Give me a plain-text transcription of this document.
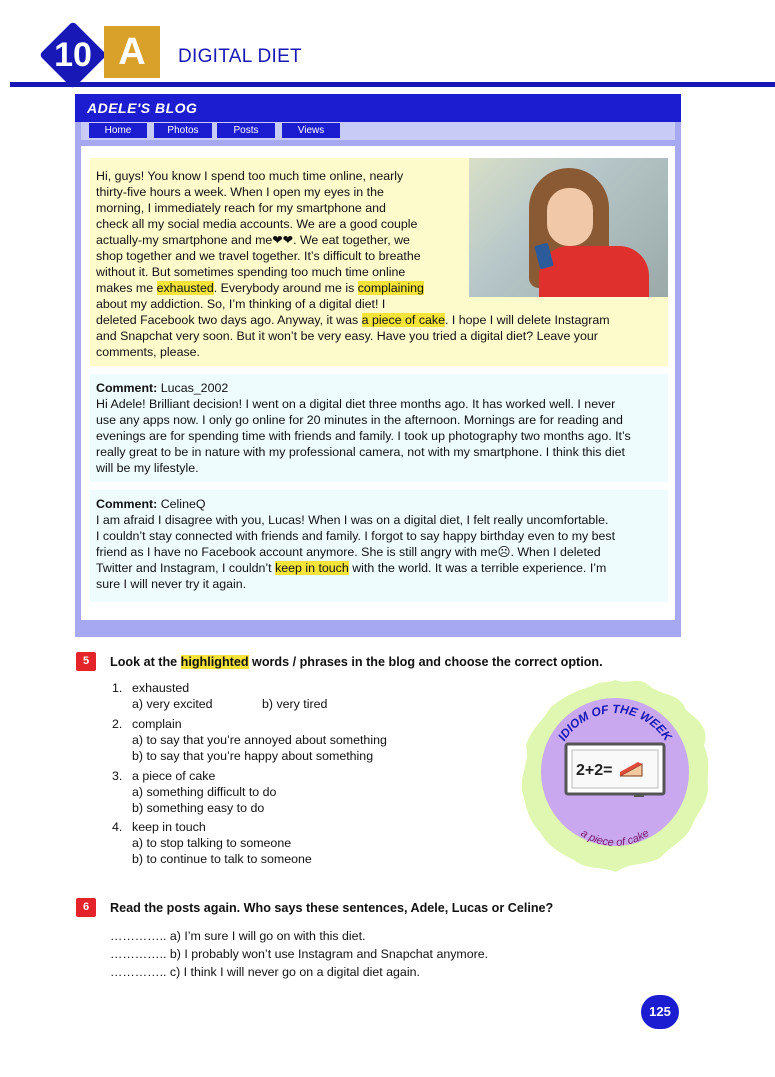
10 A	DIGITAL DIET
ADELE'S BLOG
Home	Photos	Posts	Views

Hi, guys! You know I spend too much time online, nearly
thirty-five hours a week. When I open my eyes in the
morning, I immediately reach for my smartphone and
check all my social media accounts. We are a good couple
actually-my smartphone and me❤❤. We eat together, we
shop together and we travel together. It’s difficult to breathe
without it. But sometimes spending too much time online
makes me exhausted. Everybody around me is complaining
about my addiction. So, I’m thinking of a digital diet! I
deleted Facebook two days ago. Anyway, it was a piece of cake. I hope I will delete Instagram
and Snapchat very soon. But it won’t be very easy. Have you tried a digital diet? Leave your
comments, please.

Comment: Lucas_2002
Hi Adele! Brilliant decision! I went on a digital diet three months ago. It has worked well. I never
use any apps now. I only go online for 20 minutes in the afternoon. Mornings are for reading and
evenings are for spending time with friends and family. I took up photography two months ago. It’s
really great to be in nature with my professional camera, not with my smartphone. I think this diet
will be my lifestyle.

Comment: CelineQ
I am afraid I disagree with you, Lucas! When I was on a digital diet, I felt really uncomfortable.
I couldn’t stay connected with friends and family. I forgot to say happy birthday even to my best
friend as I have no Facebook account anymore. She is still angry with me☹. When I deleted
Twitter and Instagram, I couldn’t keep in touch with the world. It was a terrible experience. I’m
sure I will never try it again.

5	Look at the highlighted words / phrases in the blog and choose the correct option.
1. exhausted
a) very excited	b) very tired
2. complain
a) to say that you’re annoyed about something
b) to say that you’re happy about something
3. a piece of cake
a) something difficult to do
b) something easy to do
4. keep in touch
a) to stop talking to someone
b) to continue to talk to someone
IDIOM OF THE WEEK
2+2=
a piece of cake
6	Read the posts again. Who says these sentences, Adele, Lucas or Celine?
………….. a) I’m sure I will go on with this diet.
………….. b) I probably won’t use Instagram and Snapchat anymore.
………….. c) I think I will never go on a digital diet again.
125
